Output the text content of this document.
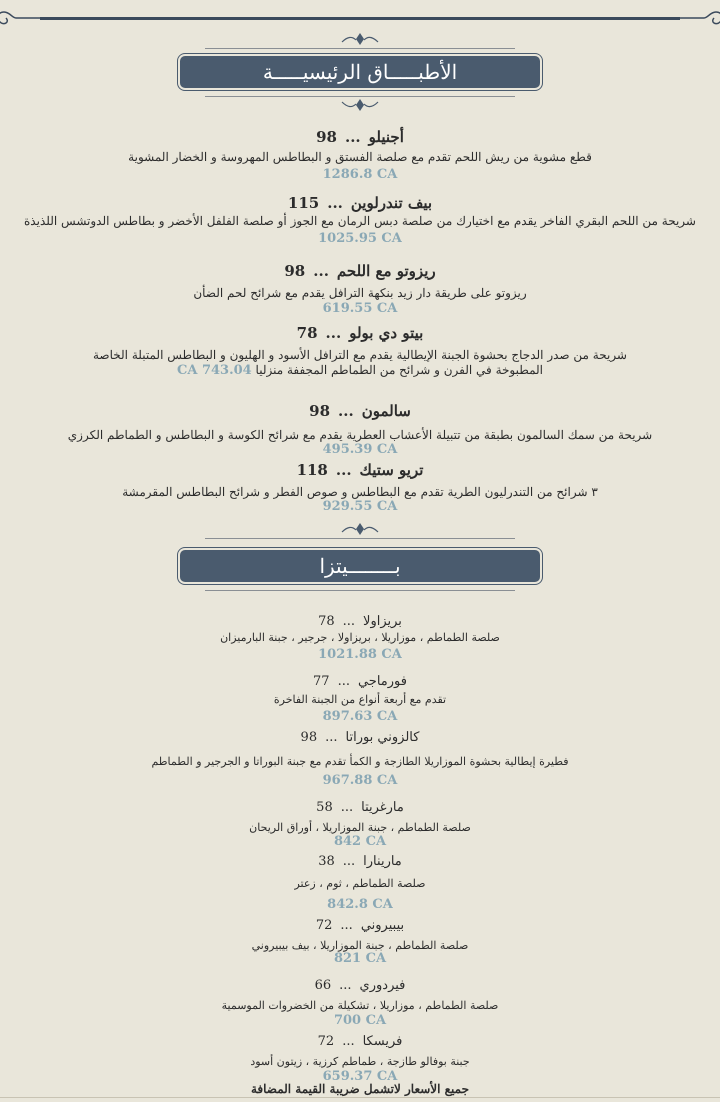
الأطبـــــاق الرئيسيـــــة
أجنيلو...98
قطع مشوية من ريش اللحم تقدم مع صلصة الفستق و البطاطس المهروسة و الخضار المشوية
1286.8 CA
بيف تندرلوين...115
شريحة من اللحم البقري الفاخر يقدم مع اختيارك من صلصة دبس الرمان مع الجوز أو صلصة الفلفل الأخضر و بطاطس الدوتشس اللذيذة
1025.95 CA
ريزوتو مع اللحم...98
ريزوتو على طريقة دار زيد بنكهة الترافل يقدم مع شرائح لحم الضأن
619.55 CA
بيتو دي بولو...78
شريحة من صدر الدجاج بحشوة الجبنة الإيطالية يقدم مع الترافل الأسود و الهليون و البطاطس المتبلة الخاصة
المطبوخة في الفرن و شرائح من الطماطم المجففة منزليا 743.04 CA
سالمون...98
شريحة من سمك السالمون بطبقة من تتبيلة الأعشاب العطرية يقدم مع شرائح الكوسة و البطاطس و الطماطم الكرزي
495.39 CA
تريو ستيك...118
٣ شرائح من التندرليون الطرية تقدم مع البطاطس و صوص الفطر و شرائح البطاطس المقرمشة
929.55 CA
بــــــــيتزا
بريزاولا...78
صلصة الطماطم ، موزاريلا ، بريزاولا ، جرجير ، جبنة البارميزان
1021.88 CA
فورماجي...77
تقدم مع أربعة أنواع من الجبنة الفاخرة
897.63 CA
كالزوني بوراتا...98
فطيرة إيطالية بحشوة الموزاريلا الطازجة و الكمأ تقدم مع جبنة البوراتا و الجرجير و الطماطم
967.88 CA
مارغريتا...58
صلصة الطماطم ، جبنة الموزاريلا ، أوراق الريحان
842 CA
مارينارا...38
صلصة الطماطم ، ثوم ، زعتر
842.8 CA
بيبيروني...72
صلصة الطماطم ، جبنة الموزاريلا ، بيف بيبيروني
821 CA
فيردوري...66
صلصة الطماطم ، موزاريلا ، تشكيلة من الخضروات الموسمية
700 CA
فريسكا...72
جبنة بوفالو طازجة ، طماطم كرزية ، زيتون أسود
659.37 CA
جميع الأسعار لاتشمل ضريبة القيمة المضافة
